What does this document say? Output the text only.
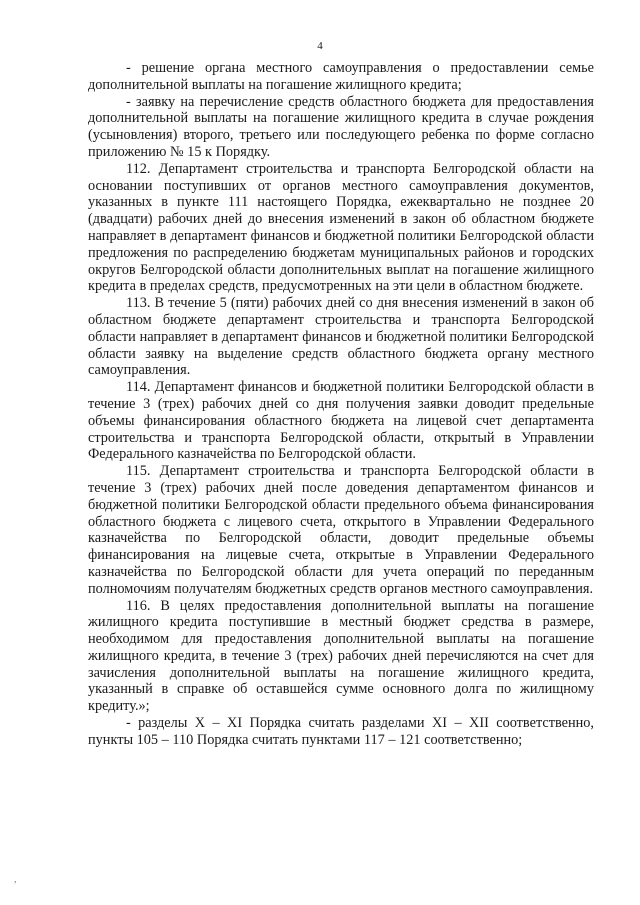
4

- решение органа местного самоуправления о предоставлении семье дополнительной выплаты на погашение жилищного кредита;

- заявку на перечисление средств областного бюджета для предоставления дополнительной выплаты на погашение жилищного кредита в случае рождения (усыновления) второго, третьего или последующего ребенка по форме согласно приложению № 15 к Порядку.

112. Департамент строительства и транспорта Белгородской области на основании поступивших от органов местного самоуправления документов, указанных в пункте 111 настоящего Порядка, ежеквартально не позднее 20 (двадцати) рабочих дней до внесения изменений в закон об областном бюджете направляет в департамент финансов и бюджетной политики Белгородской области предложения по распределению бюджетам муниципальных районов и городских округов Белгородской области дополнительных выплат на погашение жилищного кредита в пределах средств, предусмотренных на эти цели в областном бюджете.

113. В течение 5 (пяти) рабочих дней со дня внесения изменений в закон об областном бюджете департамент строительства и транспорта Белгородской области направляет в департамент финансов и бюджетной политики Белгородской области заявку на выделение средств областного бюджета органу местного самоуправления.

114. Департамент финансов и бюджетной политики Белгородской области в течение 3 (трех) рабочих дней со дня получения заявки доводит предельные объемы финансирования областного бюджета на лицевой счет департамента строительства и транспорта Белгородской области, открытый в Управлении Федерального казначейства по Белгородской области.

115. Департамент строительства и транспорта Белгородской области в течение 3 (трех) рабочих дней после доведения департаментом финансов и бюджетной политики Белгородской области предельного объема финансирования областного бюджета с лицевого счета, открытого в Управлении Федерального казначейства по Белгородской области, доводит предельные объемы финансирования на лицевые счета, открытые в Управлении Федерального казначейства по Белгородской области для учета операций по переданным полномочиям получателям бюджетных средств органов местного самоуправления.

116. В целях предоставления дополнительной выплаты на погашение жилищного кредита поступившие в местный бюджет средства в размере, необходимом для предоставления дополнительной выплаты на погашение жилищного кредита, в течение 3 (трех) рабочих дней перечисляются на счет для зачисления дополнительной выплаты на погашение жилищного кредита, указанный в справке об оставшейся сумме основного долга по жилищному кредиту.»;

- разделы X – XI Порядка считать разделами XI – XII соответственно, пункты 105 – 110 Порядка считать пунктами 117 – 121 соответственно;

,
